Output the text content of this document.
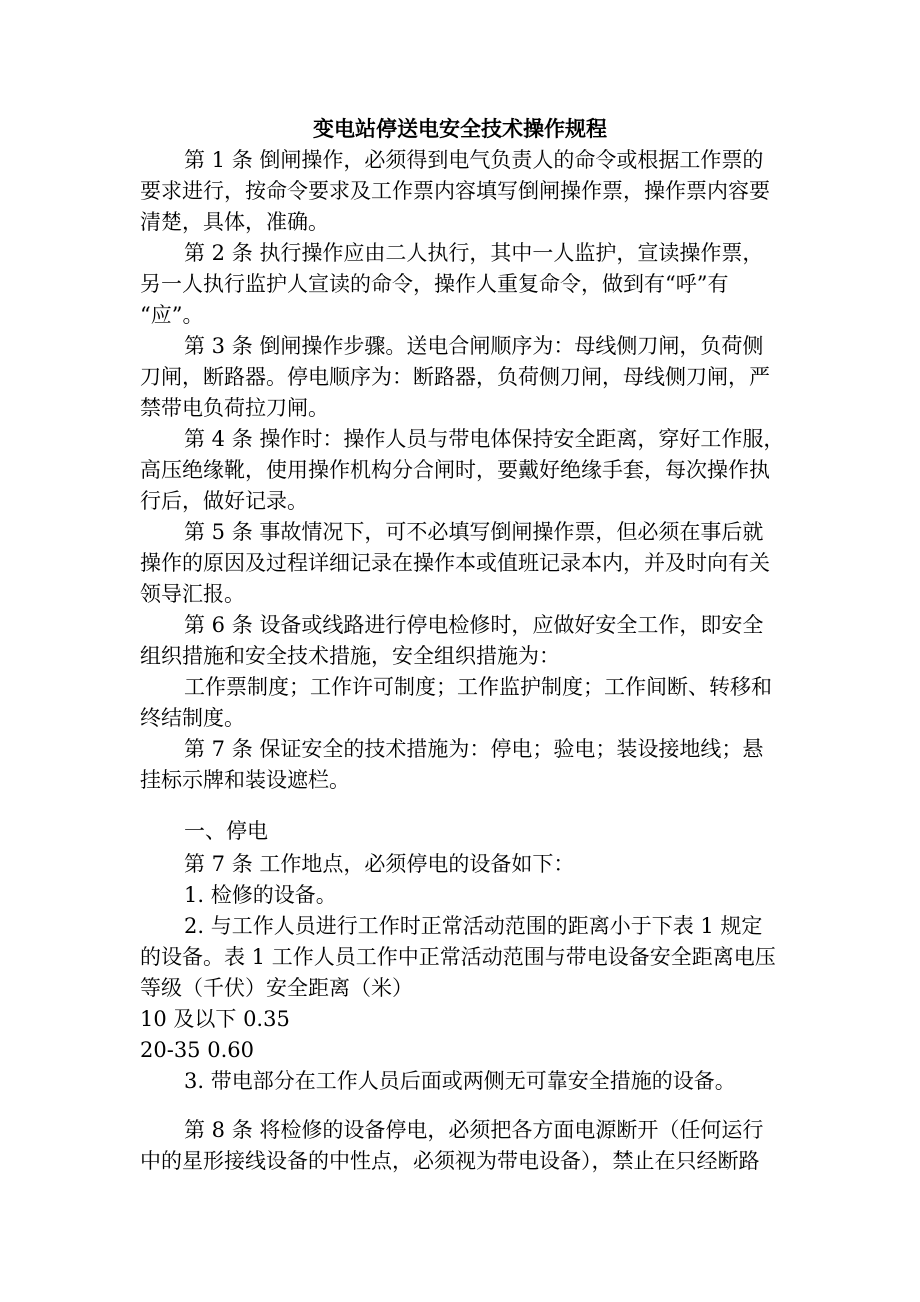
变电站停送电安全技术操作规程
第 1 条 倒闸操作，必须得到电气负责人的命令或根据工作票的
要求进行，按命令要求及工作票内容填写倒闸操作票，操作票内容要
清楚，具体，准确。
第 2 条 执行操作应由二人执行，其中一人监护，宣读操作票，
另一人执行监护人宣读的命令，操作人重复命令，做到有“呼”有
“应”。
第 3 条 倒闸操作步骤。送电合闸顺序为：母线侧刀闸，负荷侧
刀闸，断路器。停电顺序为：断路器，负荷侧刀闸，母线侧刀闸，严
禁带电负荷拉刀闸。
第 4 条 操作时：操作人员与带电体保持安全距离，穿好工作服，
高压绝缘靴，使用操作机构分合闸时，要戴好绝缘手套，每次操作执
行后，做好记录。
第 5 条 事故情况下，可不必填写倒闸操作票，但必须在事后就
操作的原因及过程详细记录在操作本或值班记录本内，并及时向有关
领导汇报。
第 6 条 设备或线路进行停电检修时，应做好安全工作，即安全
组织措施和安全技术措施，安全组织措施为：
工作票制度；工作许可制度；工作监护制度；工作间断、转移和
终结制度。
第 7 条 保证安全的技术措施为：停电；验电；装设接地线；悬
挂标示牌和装设遮栏。
一、停电
第 7 条 工作地点，必须停电的设备如下：
1. 检修的设备。
2. 与工作人员进行工作时正常活动范围的距离小于下表 1 规定
的设备。表 1 工作人员工作中正常活动范围与带电设备安全距离电压
等级（千伏）安全距离（米）
10 及以下 0.35
20-35 0.60
3. 带电部分在工作人员后面或两侧无可靠安全措施的设备。
第 8 条 将检修的设备停电，必须把各方面电源断开（任何运行
中的星形接线设备的中性点，必须视为带电设备），禁止在只经断路
